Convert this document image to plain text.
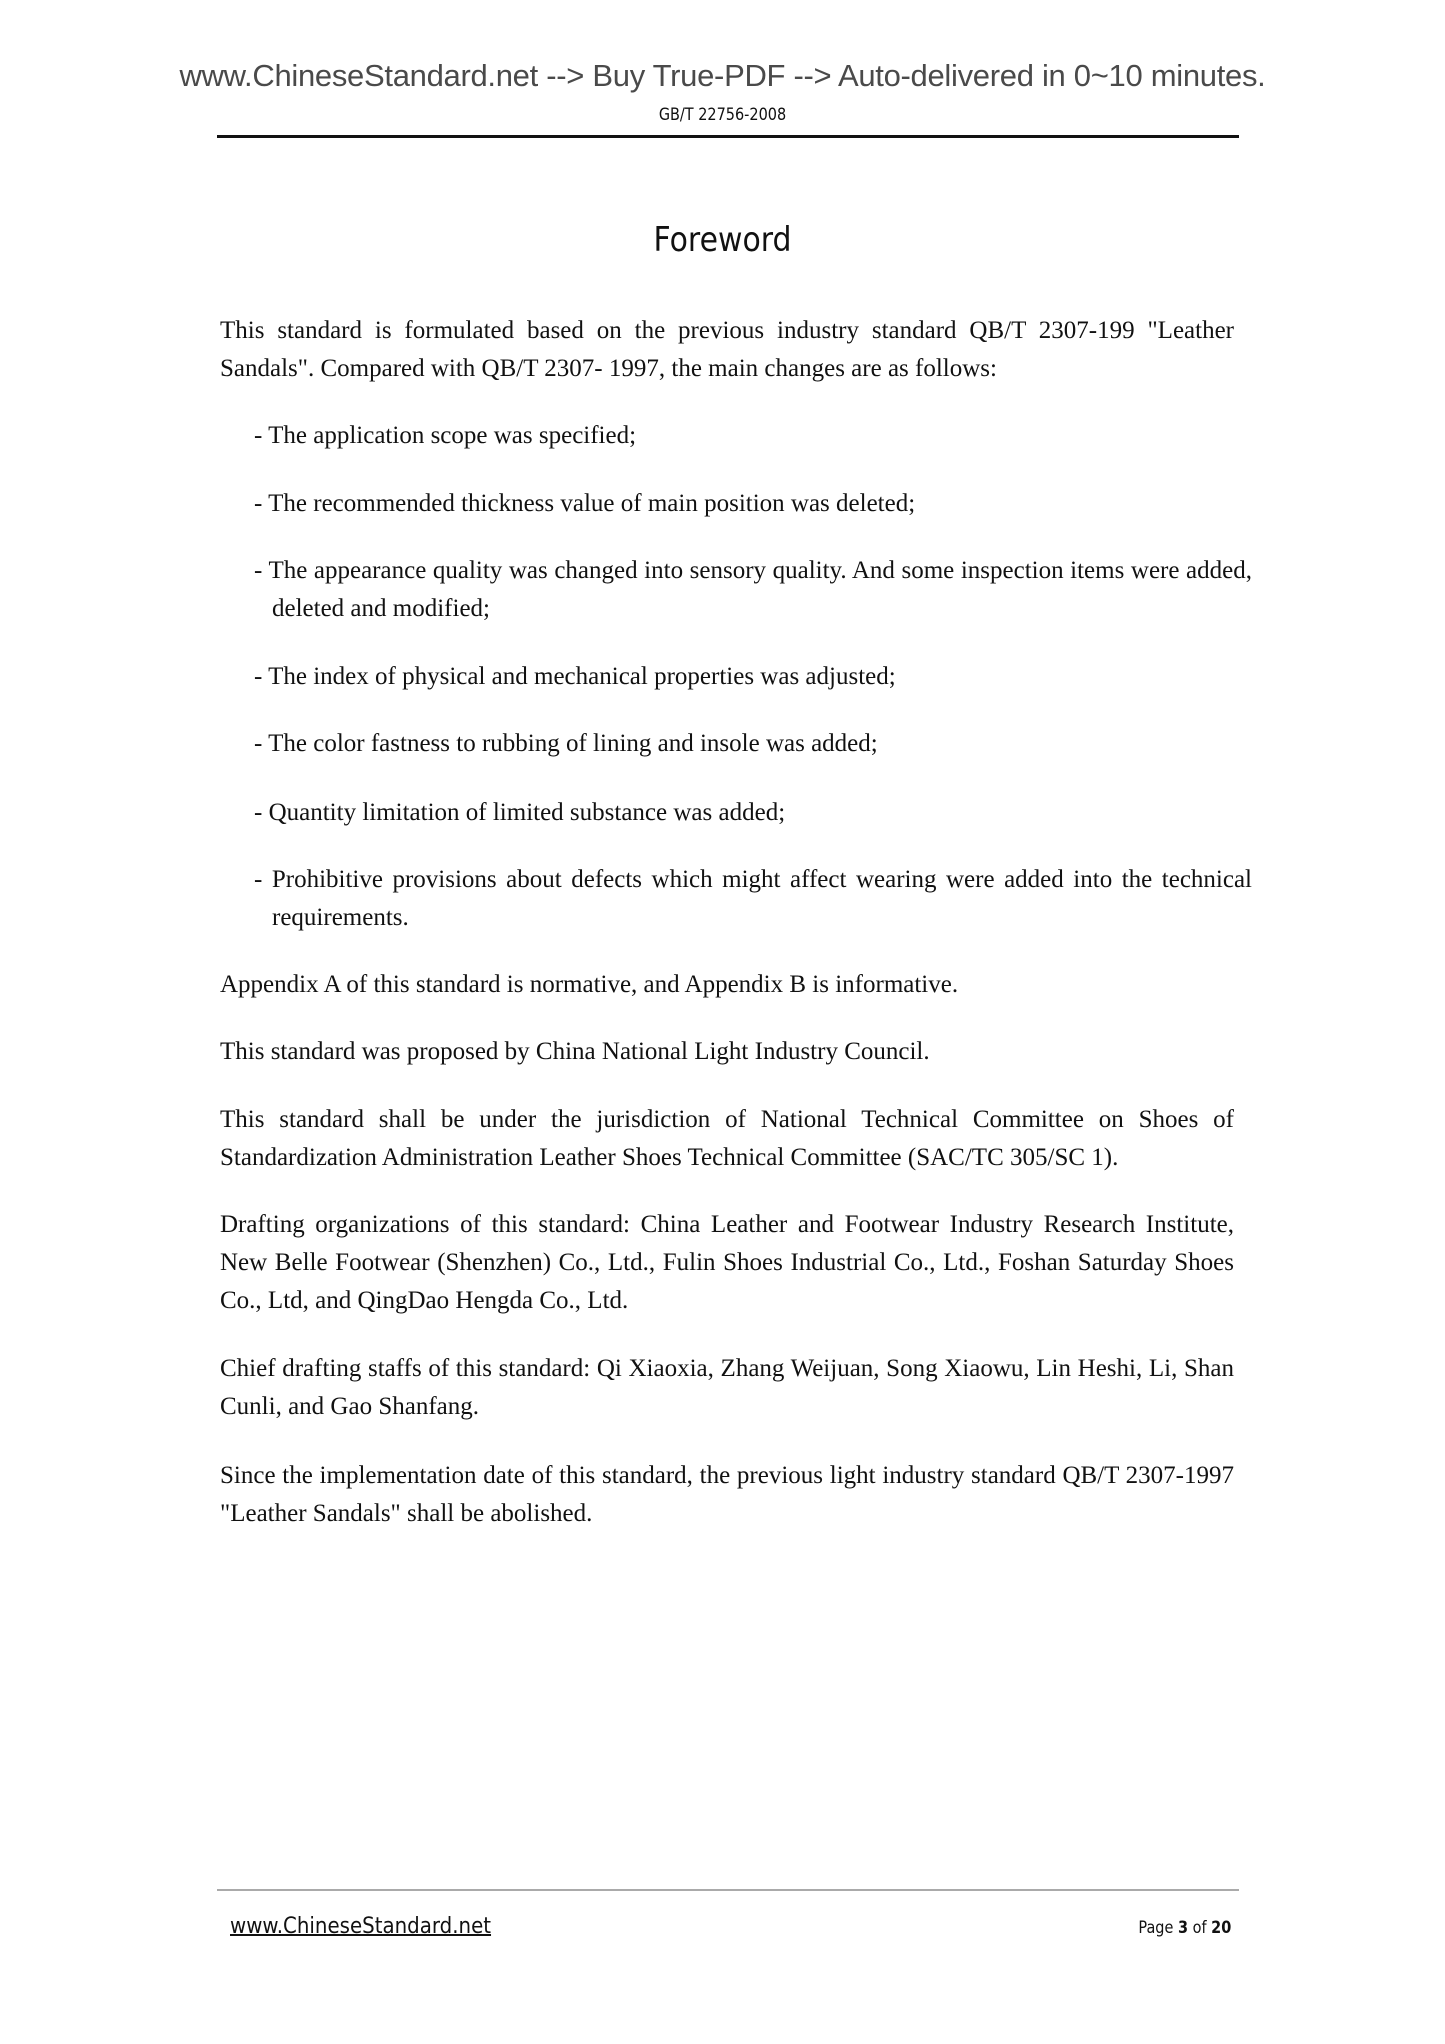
www.ChineseStandard.net --> Buy True-PDF --> Auto-delivered in 0~10 minutes.
GB/T 22756-2008
Foreword

This standard is formulated based on the previous industry standard QB/T 2307-199 "Leather Sandals". Compared with QB/T 2307- 1997, the main changes are as follows:

- The application scope was specified;

- The recommended thickness value of main position was deleted;

- The appearance quality was changed into sensory quality. And some inspection items were added, deleted and modified;

- The index of physical and mechanical properties was adjusted;

- The color fastness to rubbing of lining and insole was added;

- Quantity limitation of limited substance was added;

- Prohibitive provisions about defects which might affect wearing were added into the technical requirements.

Appendix A of this standard is normative, and Appendix B is informative.

This standard was proposed by China National Light Industry Council.

This standard shall be under the jurisdiction of National Technical Committee on Shoes of Standardization Administration Leather Shoes Technical Committee (SAC/TC 305/SC 1).

Drafting organizations of this standard: China Leather and Footwear Industry Research Institute, New Belle Footwear (Shenzhen) Co., Ltd., Fulin Shoes Industrial Co., Ltd., Foshan Saturday Shoes Co., Ltd, and QingDao Hengda Co., Ltd.

Chief drafting staffs of this standard: Qi Xiaoxia, Zhang Weijuan, Song Xiaowu, Lin Heshi, Li, Shan Cunli, and Gao Shanfang.

Since the implementation date of this standard, the previous light industry standard QB/T 2307-1997 "Leather Sandals" shall be abolished.

www.ChineseStandard.net	Page 3 of 20
